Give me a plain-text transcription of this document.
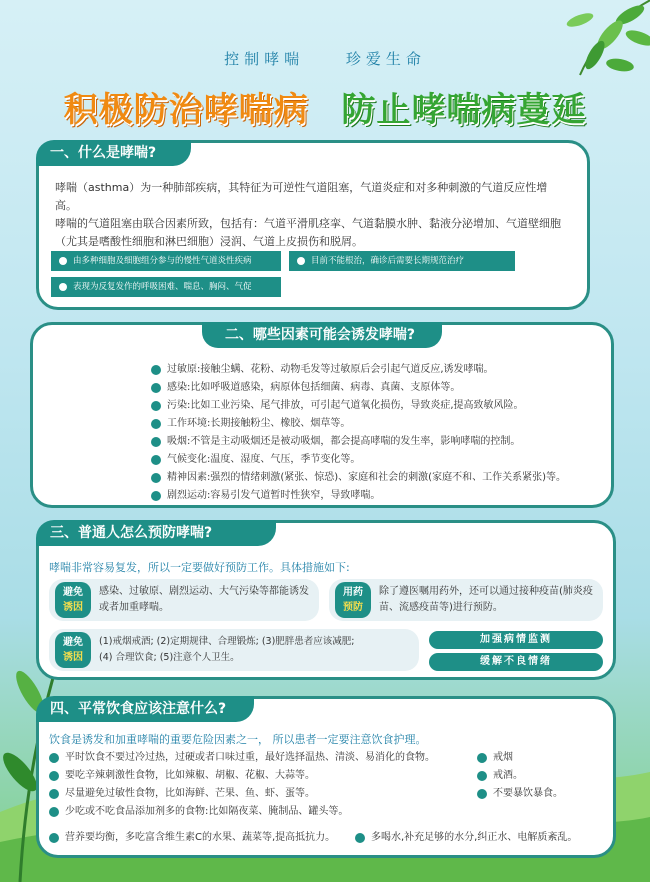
控制哮喘	珍爱生命
积极防治哮喘病 防止哮喘病蔓延
一、什么是哮喘?
哮喘（asthma）为一种肺部疾病，其特征为可逆性气道阻塞，气道炎症和对多种刺激的气道反应性增高。
哮喘的气道阻塞由联合因素所致，包括有：气道平滑肌痉挛、气道黏膜水肿、黏液分泌增加、气道壁细胞（尤其是嗜酸性细胞和淋巴细胞）浸润、气道上皮损伤和脱屑。
由多种细胞及细胞组分参与的慢性气道炎性疾病	目前不能根治，确诊后需要长期规范治疗
表现为反复发作的呼吸困难、喘息、胸闷、气促
二、哪些因素可能会诱发哮喘?
过敏原:接触尘螨、花粉、动物毛发等过敏原后会引起气道反应,诱发哮喘。
感染:比如呼吸道感染，病原体包括细菌、病毒、真菌、支原体等。
污染:比如工业污染、尾气排放，可引起气道氧化损伤，导致炎症,提高致敏风险。
工作环境:长期接触粉尘、橡胶、烟草等。
吸烟:不管是主动吸烟还是被动吸烟，都会提高哮喘的发生率，影响哮喘的控制。
气候变化:温度、湿度、气压，季节变化等。
精神因素:强烈的情绪刺激(紧张、惊恐)、家庭和社会的刺激(家庭不和、工作关系紧张)等。
剧烈运动:容易引发气道暂时性狭窄，导致哮喘。
三、普通人怎么预防哮喘?
哮喘非常容易复发，所以一定要做好预防工作。具体措施如下:
避免
诱因
感染、过敏原、剧烈运动、大气污染等都能诱发或者加重哮喘。
用药
预防
除了遵医嘱用药外，还可以通过接种疫苗(肺炎疫苗、流感疫苗等)进行预防。
避免
诱因
(1)戒烟戒酒; (2)定期规律、合理锻炼; (3)肥胖患者应该减肥;
(4) 合理饮食; (5)注意个人卫生。
加强病情监测
缓解不良情绪
四、平常饮食应该注意什么?
饮食是诱发和加重哮喘的重要危险因素之一， 所以患者一定要注意饮食护理。
平时饮食不要过冷过热，过硬或者口味过重，最好选择温热、清淡、易消化的食物。
要吃辛辣刺激性食物，比如辣椒、胡椒、花椒、大蒜等。
尽量避免过敏性食物，比如海鲜、芒果、鱼、虾、蛋等。
少吃或不吃食品添加剂多的食物:比如隔夜菜、腌制品、罐头等。
戒烟
戒酒。
不要暴饮暴食。
营养要均衡，多吃富含维生素C的水果、蔬菜等,提高抵抗力。	多喝水,补充足够的水分,纠正水、电解质紊乱。
